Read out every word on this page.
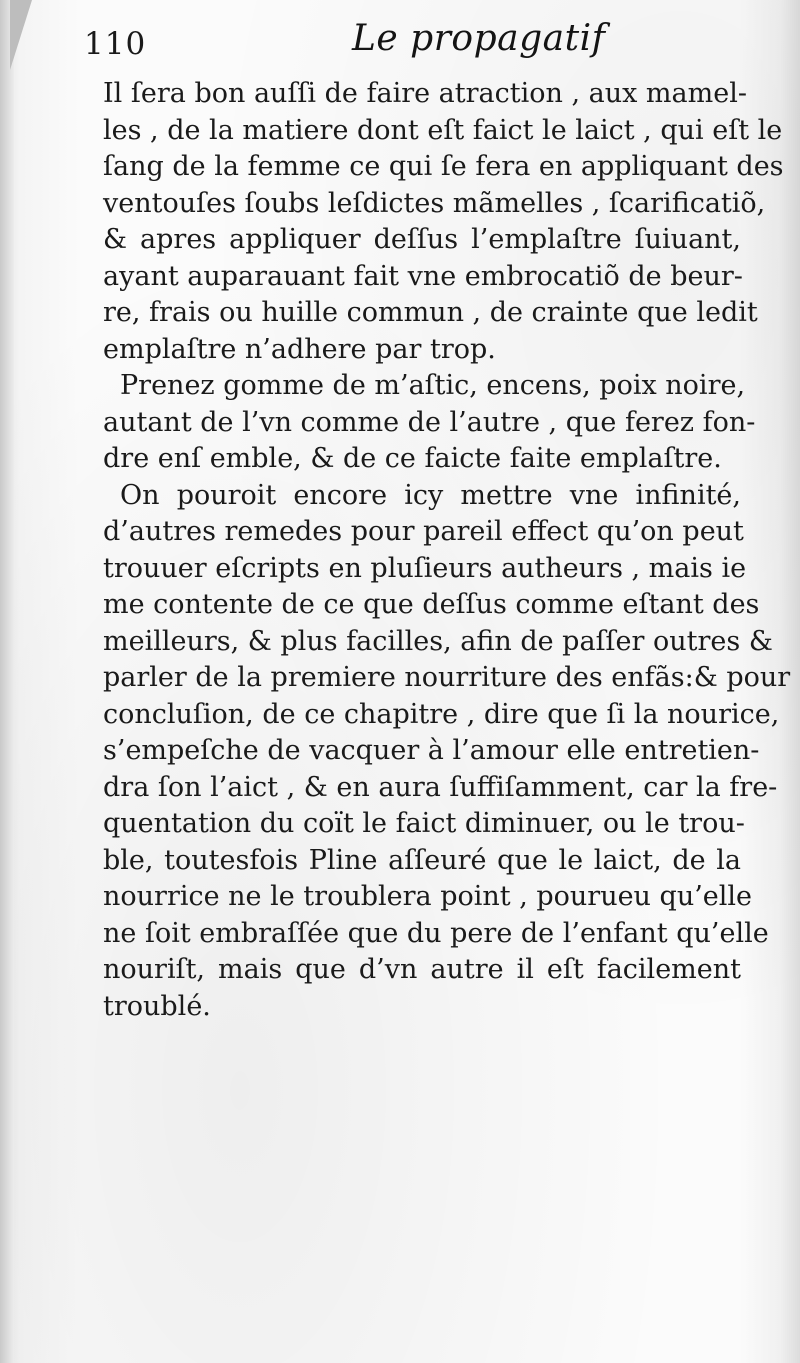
110	Le propagatif
Il ſera bon auſſi de faire atraction , aux mamel-
les , de la matiere dont eſt faict le laict , qui eſt le
ſang de la femme ce qui ſe fera en appliquant des
ventouſes ſoubs leſdictes mãmelles , ſcarificatiõ,
& apres appliquer deſſus l’emplaſtre ſuiuant,
ayant auparauant fait vne embrocatiõ de beur-
re, frais ou huille commun , de crainte que ledit
emplaſtre n’adhere par trop.
Prenez gomme de m’aſtic, encens, poix noire,
autant de l’vn comme de l’autre , que ferez fon-
dre enſ emble, & de ce faicte faite emplaſtre.
On pouroit encore icy mettre vne infinité,
d’autres remedes pour pareil effect qu’on peut
trouuer eſcripts en pluſieurs autheurs , mais ie
me contente de ce que deſſus comme eſtant des
meilleurs, & plus facilles, afin de paſſer outres &
parler de la premiere nourriture des enfãs:& pour
concluſion, de ce chapitre , dire que ſi la nourice,
s’empeſche de vacquer à l’amour elle entretien-
dra ſon l’aict , & en aura ſuffiſamment, car la fre-
quentation du coït le faict diminuer, ou le trou-
ble, toutesfois Pline aſſeuré que le laict, de la
nourrice ne le troublera point , pourueu qu’elle
ne ſoit embraſſée que du pere de l’enfant qu’elle
nouriſt, mais que d’vn autre il eſt facilement
troublé.
